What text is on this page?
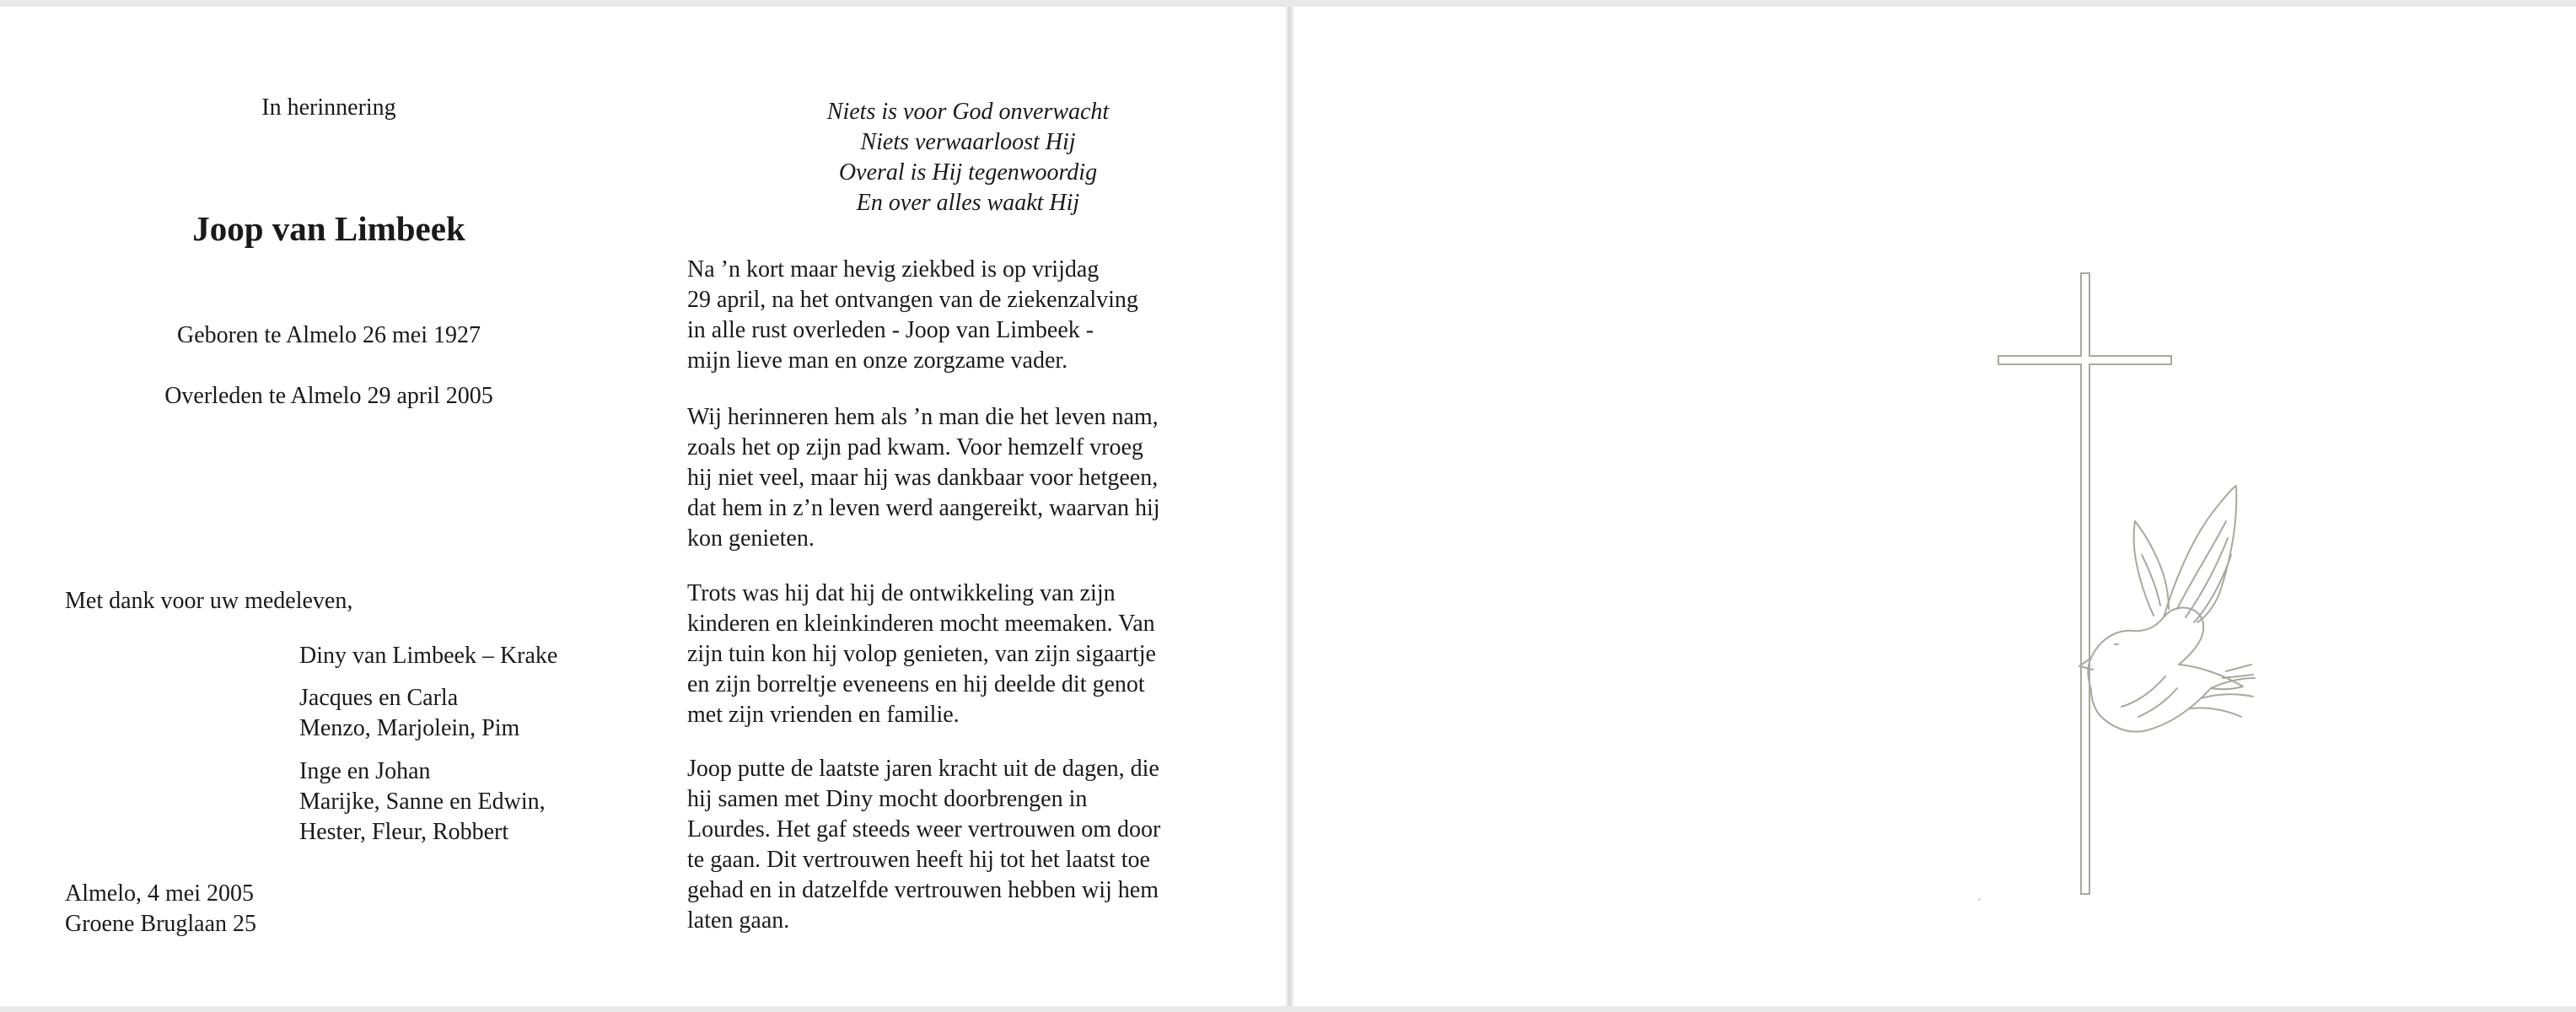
In herinnering
Joop van Limbeek
Geboren te Almelo 26 mei 1927
Overleden te Almelo 29 april 2005
Met dank voor uw medeleven,
Diny van Limbeek – Krake
Jacques en Carla
Menzo, Marjolein, Pim
Inge en Johan
Marijke, Sanne en Edwin,
Hester, Fleur, Robbert
Almelo, 4 mei 2005
Groene Bruglaan 25
Niets is voor God onverwacht
Niets verwaarloost Hij
Overal is Hij tegenwoordig
En over alles waakt Hij
Na ’n kort maar hevig ziekbed is op vrijdag
29 april, na het ontvangen van de ziekenzalving
in alle rust overleden - Joop van Limbeek -
mijn lieve man en onze zorgzame vader.
Wij herinneren hem als ’n man die het leven nam,
zoals het op zijn pad kwam. Voor hemzelf vroeg
hij niet veel, maar hij was dankbaar voor hetgeen,
dat hem in z’n leven werd aangereikt, waarvan hij
kon genieten.
Trots was hij dat hij de ontwikkeling van zijn
kinderen en kleinkinderen mocht meemaken. Van
zijn tuin kon hij volop genieten, van zijn sigaartje
en zijn borreltje eveneens en hij deelde dit genot
met zijn vrienden en familie.
Joop putte de laatste jaren kracht uit de dagen, die
hij samen met Diny mocht doorbrengen in
Lourdes. Het gaf steeds weer vertrouwen om door
te gaan. Dit vertrouwen heeft hij tot het laatst toe
gehad en in datzelfde vertrouwen hebben wij hem
laten gaan.
